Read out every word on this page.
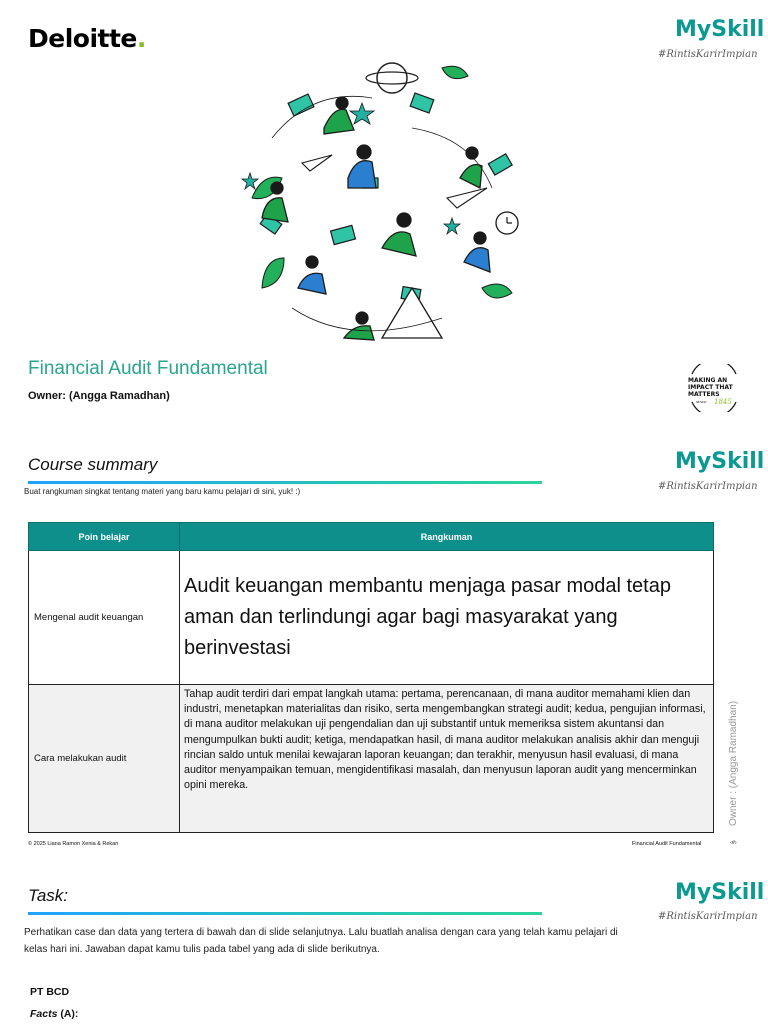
Deloitte.	MySkill
#RintisKarirImpian
Financial Audit Fundamental
Owner: (Angga Ramadhan)
MAKING AN
IMPACT THAT
MATTERS
since 1845
Course summary
Buat rangkuman singkat tentang materi yang baru kamu pelajari di sini, yuk! :)
MySkill
#RintisKarirImpian
Poin belajar	Rangkuman
Mengenal audit keuangan	Audit keuangan membantu menjaga pasar modal tetap aman dan terlindungi agar bagi masyarakat yang berinvestasi
Cara melakukan audit	Tahap audit terdiri dari empat langkah utama: pertama, perencanaan, di mana auditor memahami klien dan industri, menetapkan materialitas dan risiko, serta mengembangkan strategi audit; kedua, pengujian informasi, di mana auditor melakukan uji pengendalian dan uji substantif untuk memeriksa sistem akuntansi dan mengumpulkan bukti audit; ketiga, mendapatkan hasil, di mana auditor melakukan analisis akhir dan menguji rincian saldo untuk menilai kewajaran laporan keuangan; dan terakhir, menyusun hasil evaluasi, di mana auditor menyampaikan temuan, mengidentifikasi masalah, dan menyusun laporan audit yang mencerminkan opini mereka.	Owner : (Angga Ramadhan)
© 2025 Liana Ramon Xenia & Rekan	Financial Audit Fundamental	‹#›
Task:	MySkill
#RintisKarirImpian
Perhatikan case dan data yang tertera di bawah dan di slide selanjutnya. Lalu buatlah analisa dengan cara yang telah kamu pelajari di kelas hari ini. Jawaban dapat kamu tulis pada tabel yang ada di slide berikutnya.
PT BCD
Facts (A):
